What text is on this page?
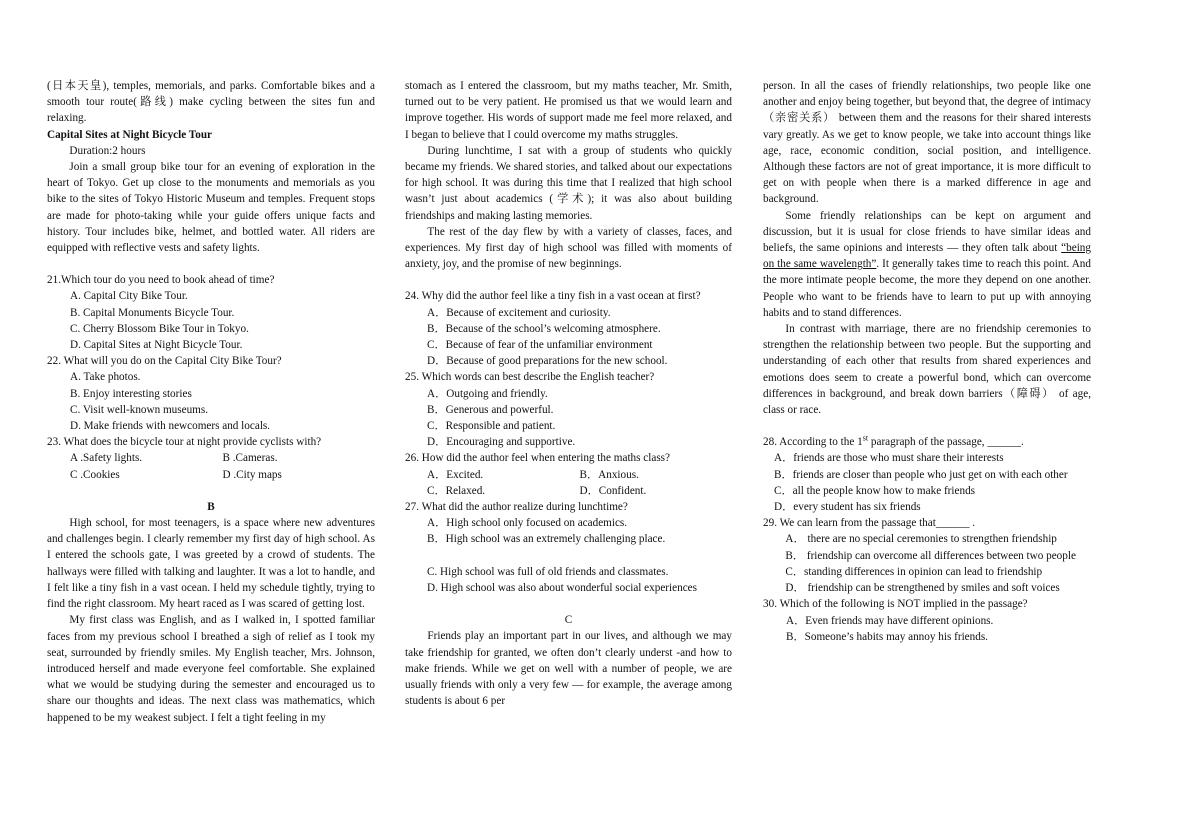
(日本天皇), temples, memorials, and parks. Comfortable bikes and a smooth tour route(路线) make cycling between the sites fun and relaxing.

Capital Sites at Night Bicycle Tour

Duration:2 hours

Join a small group bike tour for an evening of exploration in the heart of Tokyo. Get up close to the monuments and memorials as you bike to the sites of Tokyo Historic Museum and temples. Frequent stops are made for photo-taking while your guide offers unique facts and history. Tour includes bike, helmet, and bottled water. All riders are equipped with reflective vests and safety lights.

21.Which tour do you need to book ahead of time?

A. Capital City Bike Tour.

B. Capital Monuments Bicycle Tour.

C. Cherry Blossom Bike Tour in Tokyo.

D. Capital Sites at Night Bicycle Tour.

22. What will you do on the Capital City Bike Tour?

A. Take photos.

B. Enjoy interesting stories

C. Visit well-known museums.

D. Make friends with newcomers and locals.

23. What does the bicycle tour at night provide cyclists with?

A .Safety lights.	B .Cameras.
C .Cookies	D .City maps

B

High school, for most teenagers, is a space where new adventures and challenges begin. I clearly remember my first day of high school. As I entered the schools gate, I was greeted by a crowd of students. The hallways were filled with talking and laughter. It was a lot to handle, and I felt like a tiny fish in a vast ocean. I held my schedule tightly, trying to find the right classroom. My heart raced as I was scared of getting lost.

My first class was English, and as I walked in, I spotted familiar faces from my previous school I breathed a sigh of relief as I took my seat, surrounded by friendly smiles. My English teacher, Mrs. Johnson, introduced herself and made everyone feel comfortable. She explained what we would be studying during the semester and encouraged us to share our thoughts and ideas. The next class was mathematics, which happened to be my weakest subject. I felt a tight feeling in my

stomach as I entered the classroom, but my maths teacher, Mr. Smith, turned out to be very patient. He promised us that we would learn and improve together. His words of support made me feel more relaxed, and I began to believe that I could overcome my maths struggles.

During lunchtime, I sat with a group of students who quickly became my friends. We shared stories, and talked about our expectations for high school. It was during this time that I realized that high school wasn’t just about academics (学术); it was also about building friendships and making lasting memories.

The rest of the day flew by with a variety of classes, faces, and experiences. My first day of high school was filled with moments of anxiety, joy, and the promise of new beginnings.

24. Why did the author feel like a tiny fish in a vast ocean at first?

A．Because of excitement and curiosity.

B．Because of the school’s welcoming atmosphere.

C．Because of fear of the unfamiliar environment

D．Because of good preparations for the new school.

25. Which words can best describe the English teacher?

A．Outgoing and friendly.

B．Generous and powerful.

C．Responsible and patient.

D．Encouraging and supportive.

26. How did the author feel when entering the maths class?

A．Excited.	B．Anxious.
C．Relaxed.	D．Confident.

27. What did the author realize during lunchtime?

A．High school only focused on academics.

B．High school was an extremely challenging place.

C. High school was full of old friends and classmates.

D. High school was also about wonderful social experiences

C

Friends play an important part in our lives, and although we may take friendship for granted, we often don’t clearly underst -and how to make friends. While we get on well with a number of people, we are usually friends with only a very few — for example, the average among students is about 6 per

person. In all the cases of friendly relationships, two people like one another and enjoy being together, but beyond that, the degree of intimacy （亲密关系） between them and the reasons for their shared interests vary greatly. As we get to know people, we take into account things like age, race, economic condition, social position, and intelligence. Although these factors are not of great importance, it is more difficult to get on with people when there is a marked difference in age and background.

Some friendly relationships can be kept on argument and discussion, but it is usual for close friends to have similar ideas and beliefs, the same opinions and interests — they often talk about “being on the same wavelength”. It generally takes time to reach this point. And the more intimate people become, the more they depend on one another. People who want to be friends have to learn to put up with annoying habits and to stand differences.

In contrast with marriage, there are no friendship ceremonies to strengthen the relationship between two people. But the supporting and understanding of each other that results from shared experiences and emotions does seem to create a powerful bond, which can overcome differences in background, and break down barriers（障碍） of age, class or race.

28. According to the 1st paragraph of the passage, ______.

A．friends are those who must share their interests

B．friends are closer than people who just get on with each other

C．all the people know how to make friends

D．every student has six friends

29. We can learn from the passage that______ .

A． there are no special ceremonies to strengthen friendship

B． friendship can overcome all differences between two people

C．standing differences in opinion can lead to friendship

D． friendship can be strengthened by smiles and soft voices

30. Which of the following is NOT implied in the passage?

A．Even friends may have different opinions.

B．Someone’s habits may annoy his friends.
